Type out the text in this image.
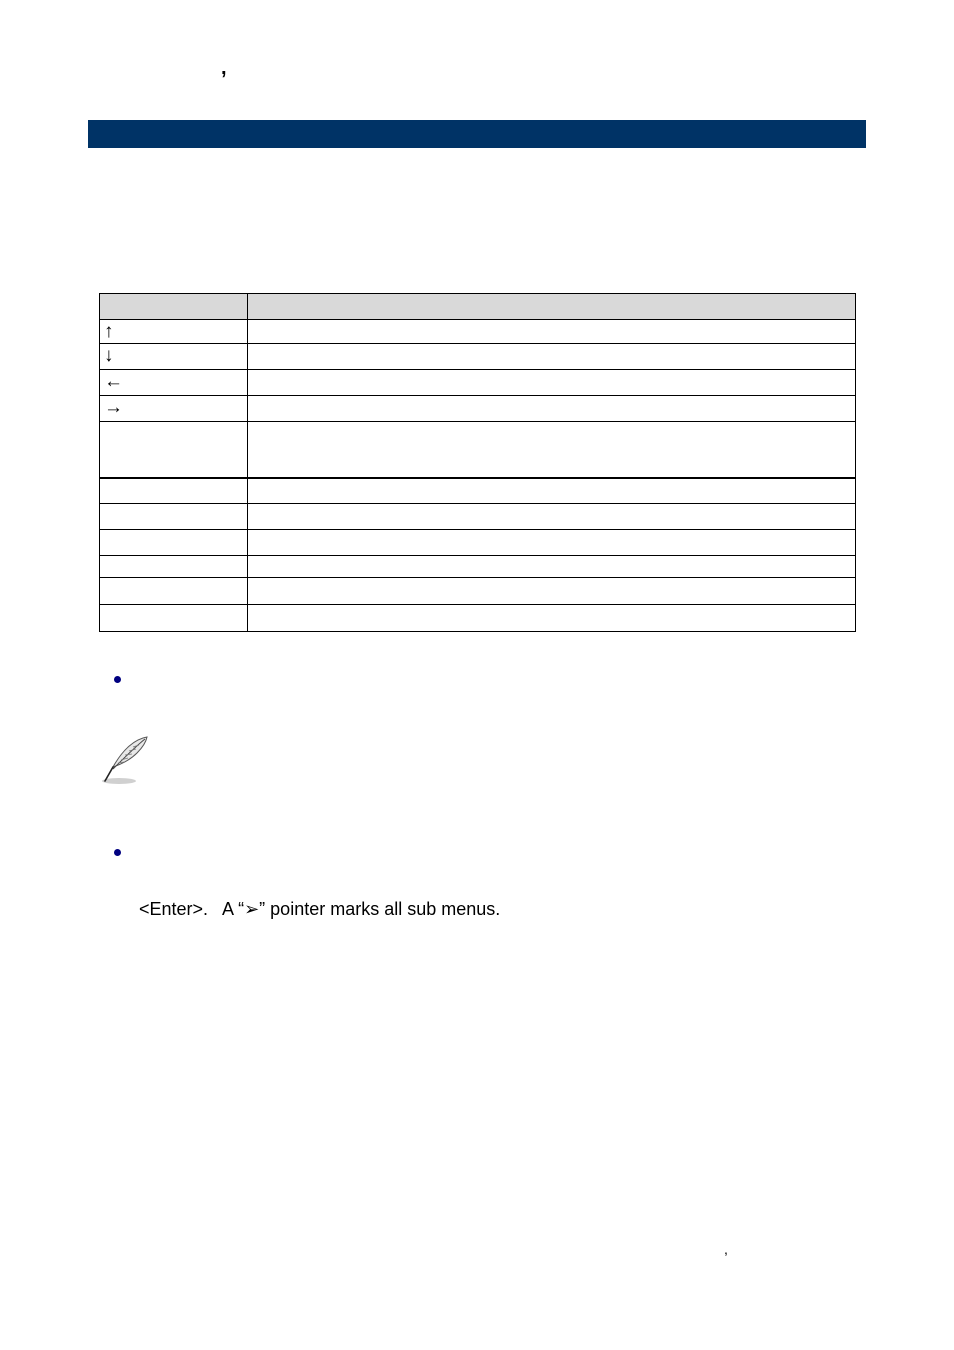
,

↑	
↓	
←	
→	

<Enter>.   A “➢” pointer marks all sub menus.
,
